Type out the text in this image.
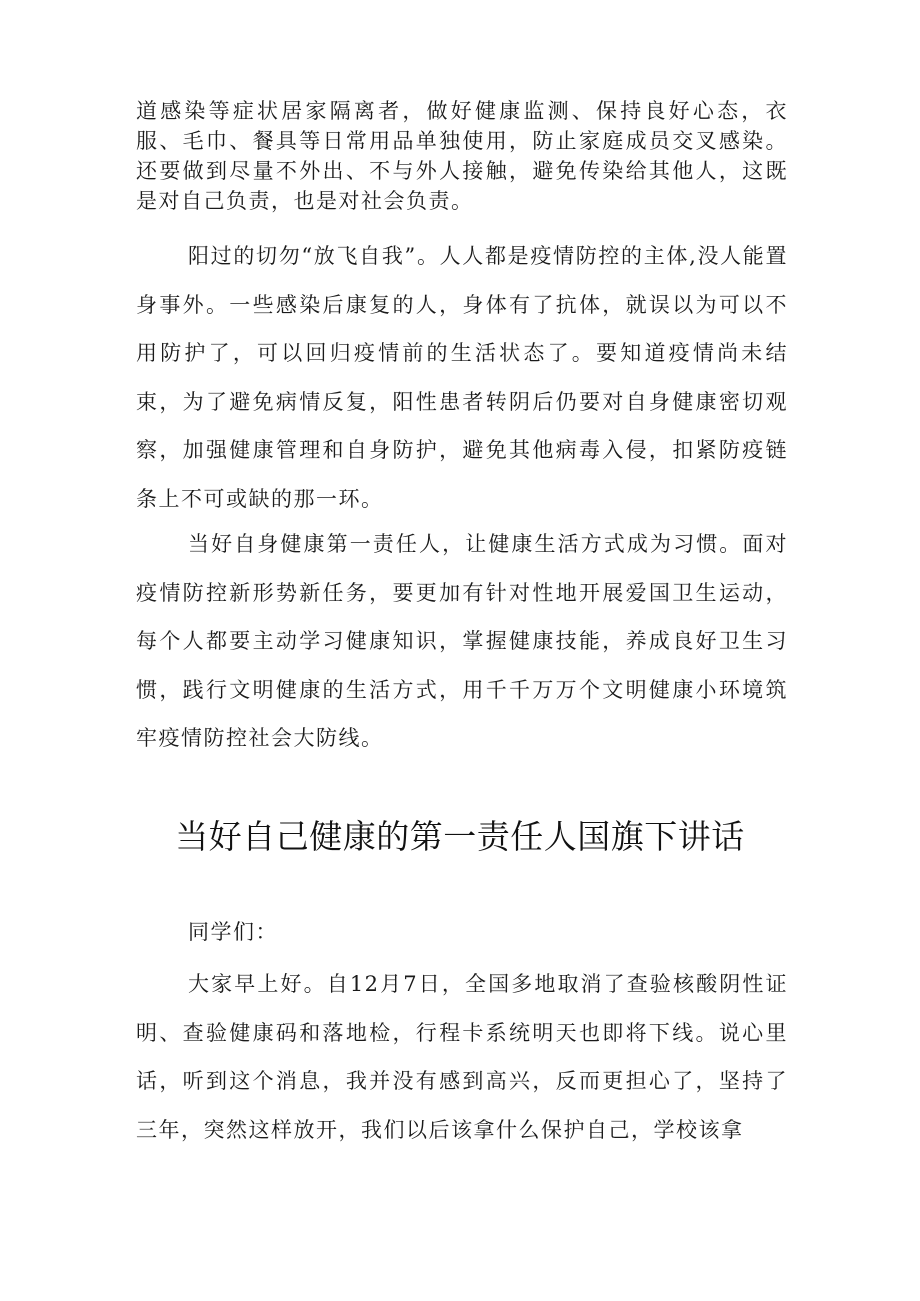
道感染等症状居家隔离者，做好健康监测、保持良好心态，衣服、毛巾、餐具等日常用品单独使用，防止家庭成员交叉感染。还要做到尽量不外出、不与外人接触，避免传染给其他人，这既是对自己负责，也是对社会负责。

阳过的切勿“放飞自我”。人人都是疫情防控的主体,没人能置身事外。一些感染后康复的人，身体有了抗体，就误以为可以不用防护了，可以回归疫情前的生活状态了。要知道疫情尚未结束，为了避免病情反复，阳性患者转阴后仍要对自身健康密切观察，加强健康管理和自身防护，避免其他病毒入侵，扣紧防疫链条上不可或缺的那一环。

当好自身健康第一责任人，让健康生活方式成为习惯。面对疫情防控新形势新任务，要更加有针对性地开展爱国卫生运动，每个人都要主动学习健康知识，掌握健康技能，养成良好卫生习惯，践行文明健康的生活方式，用千千万万个文明健康小环境筑牢疫情防控社会大防线。

当好自己健康的第一责任人国旗下讲话

同学们：

大家早上好。自12月7日，全国多地取消了查验核酸阴性证明、查验健康码和落地检，行程卡系统明天也即将下线。说心里话，听到这个消息，我并没有感到高兴，反而更担心了，坚持了三年，突然这样放开，我们以后该拿什么保护自己，学校该拿
